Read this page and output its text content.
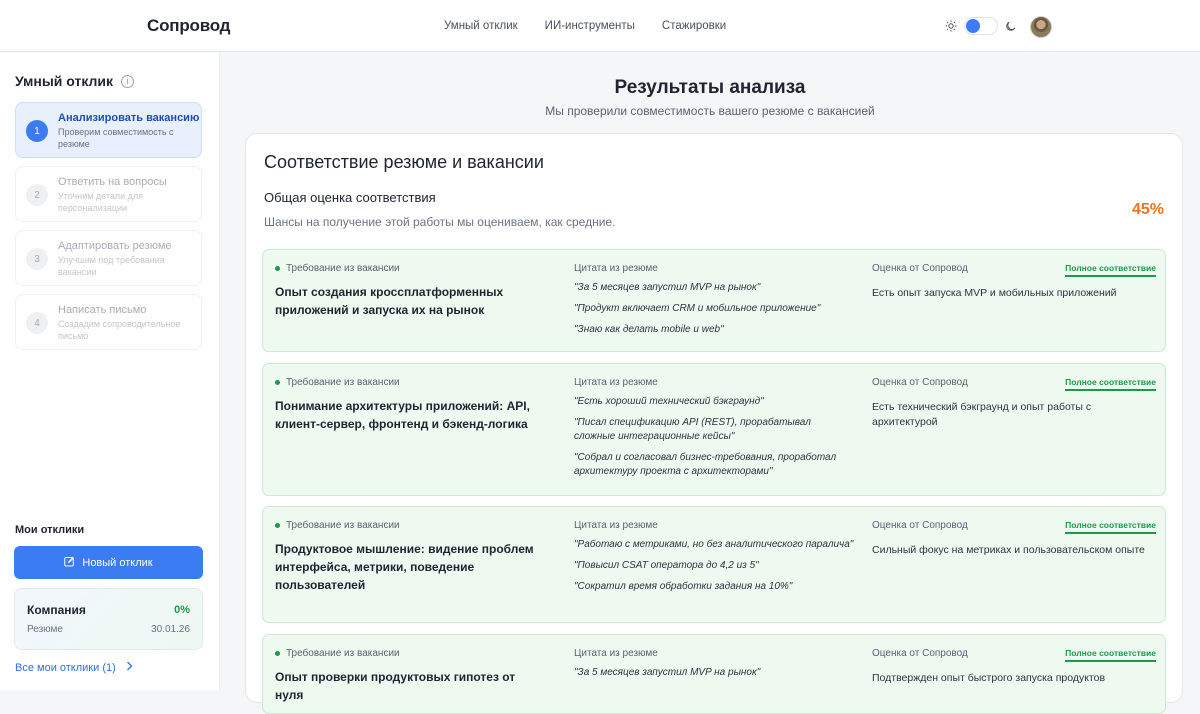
Сопровод	Умный отклик ИИ-инструменты Стажировки
Умный отклик	i
1
Анализировать вакансию
Проверим совместимость с резюме
2
Ответить на вопросы
Уточним детали для персонализации
3
Адаптировать резюме
Улучшим под требования вакансии
4
Написать письмо
Создадим сопроводительное письмо
Мои отклики
Новый отклик
Компания	0%
Резюме	30.01.26
Все мои отклики (1)
Результаты анализа
Мы проверили совместимость вашего резюме с вакансией
Соответствие резюме и вакансии
Общая оценка соответствия
Шансы на получение этой работы мы оцениваем, как средние.
45%
Требование из вакансии
Опыт создания кроссплатформенных приложений и запуска их на рынок
Цитата из резюме
"За 5 месяцев запустил MVP на рынок"
"Продукт включает CRM и мобильное приложение"
"Знаю как делать mobile и web"
Оценка от Сопровод	Полное соответствие
Есть опыт запуска MVP и мобильных приложений
Требование из вакансии
Понимание архитектуры приложений: API, клиент-сервер, фронтенд и бэкенд-логика
Цитата из резюме
"Есть хороший технический бэкграунд"
"Писал спецификацию API (REST), прорабатывал сложные интеграционные кейсы"
"Собрал и согласовал бизнес-требования, проработал архитектуру проекта с архитекторами"
Оценка от Сопровод	Полное соответствие
Есть технический бэкграунд и опыт работы с архитектурой
Требование из вакансии
Продуктовое мышление: видение проблем интерфейса, метрики, поведение пользователей
Цитата из резюме
"Работаю с метриками, но без аналитического паралича"
"Повысил CSAT оператора до 4,2 из 5"
"Сократил время обработки задания на 10%"
Оценка от Сопровод	Полное соответствие
Сильный фокус на метриках и пользовательском опыте
Требование из вакансии
Опыт проверки продуктовых гипотез от нуля
Цитата из резюме
"За 5 месяцев запустил MVP на рынок"
Оценка от Сопровод	Полное соответствие
Подтвержден опыт быстрого запуска продуктов
